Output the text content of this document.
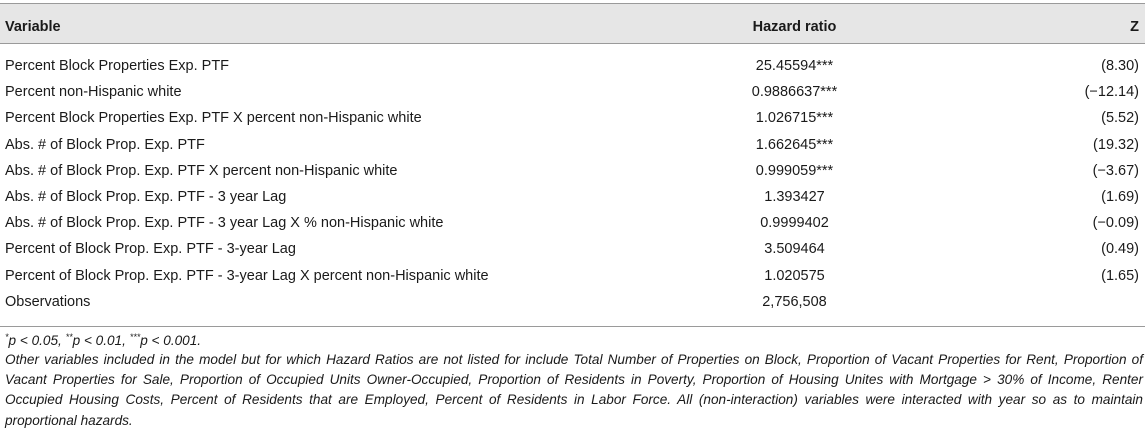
Variable	Hazard ratio	Z
Percent Block Properties Exp. PTF	25.45594***	(8.30)
Percent non-Hispanic white	0.9886637***	(−12.14)
Percent Block Properties Exp. PTF X percent non-Hispanic white	1.026715***	(5.52)
Abs. # of Block Prop. Exp. PTF	1.662645***	(19.32)
Abs. # of Block Prop. Exp. PTF X percent non-Hispanic white	0.999059***	(−3.67)
Abs. # of Block Prop. Exp. PTF - 3 year Lag	1.393427	(1.69)
Abs. # of Block Prop. Exp. PTF - 3 year Lag X % non-Hispanic white	0.9999402	(−0.09)
Percent of Block Prop. Exp. PTF - 3-year Lag	3.509464	(0.49)
Percent of Block Prop. Exp. PTF - 3-year Lag X percent non-Hispanic white	1.020575	(1.65)
Observations	2,756,508
*p < 0.05, **p < 0.01, ***p < 0.001.
Other variables included in the model but for which Hazard Ratios are not listed for include Total Number of Properties on Block, Proportion of Vacant Properties for Rent, Proportion of Vacant Properties for Sale, Proportion of Occupied Units Owner-Occupied, Proportion of Residents in Poverty, Proportion of Housing Unites with Mortgage > 30% of Income, Renter Occupied Housing Costs, Percent of Residents that are Employed, Percent of Residents in Labor Force. All (non-interaction) variables were interacted with year so as to maintain proportional hazards.
